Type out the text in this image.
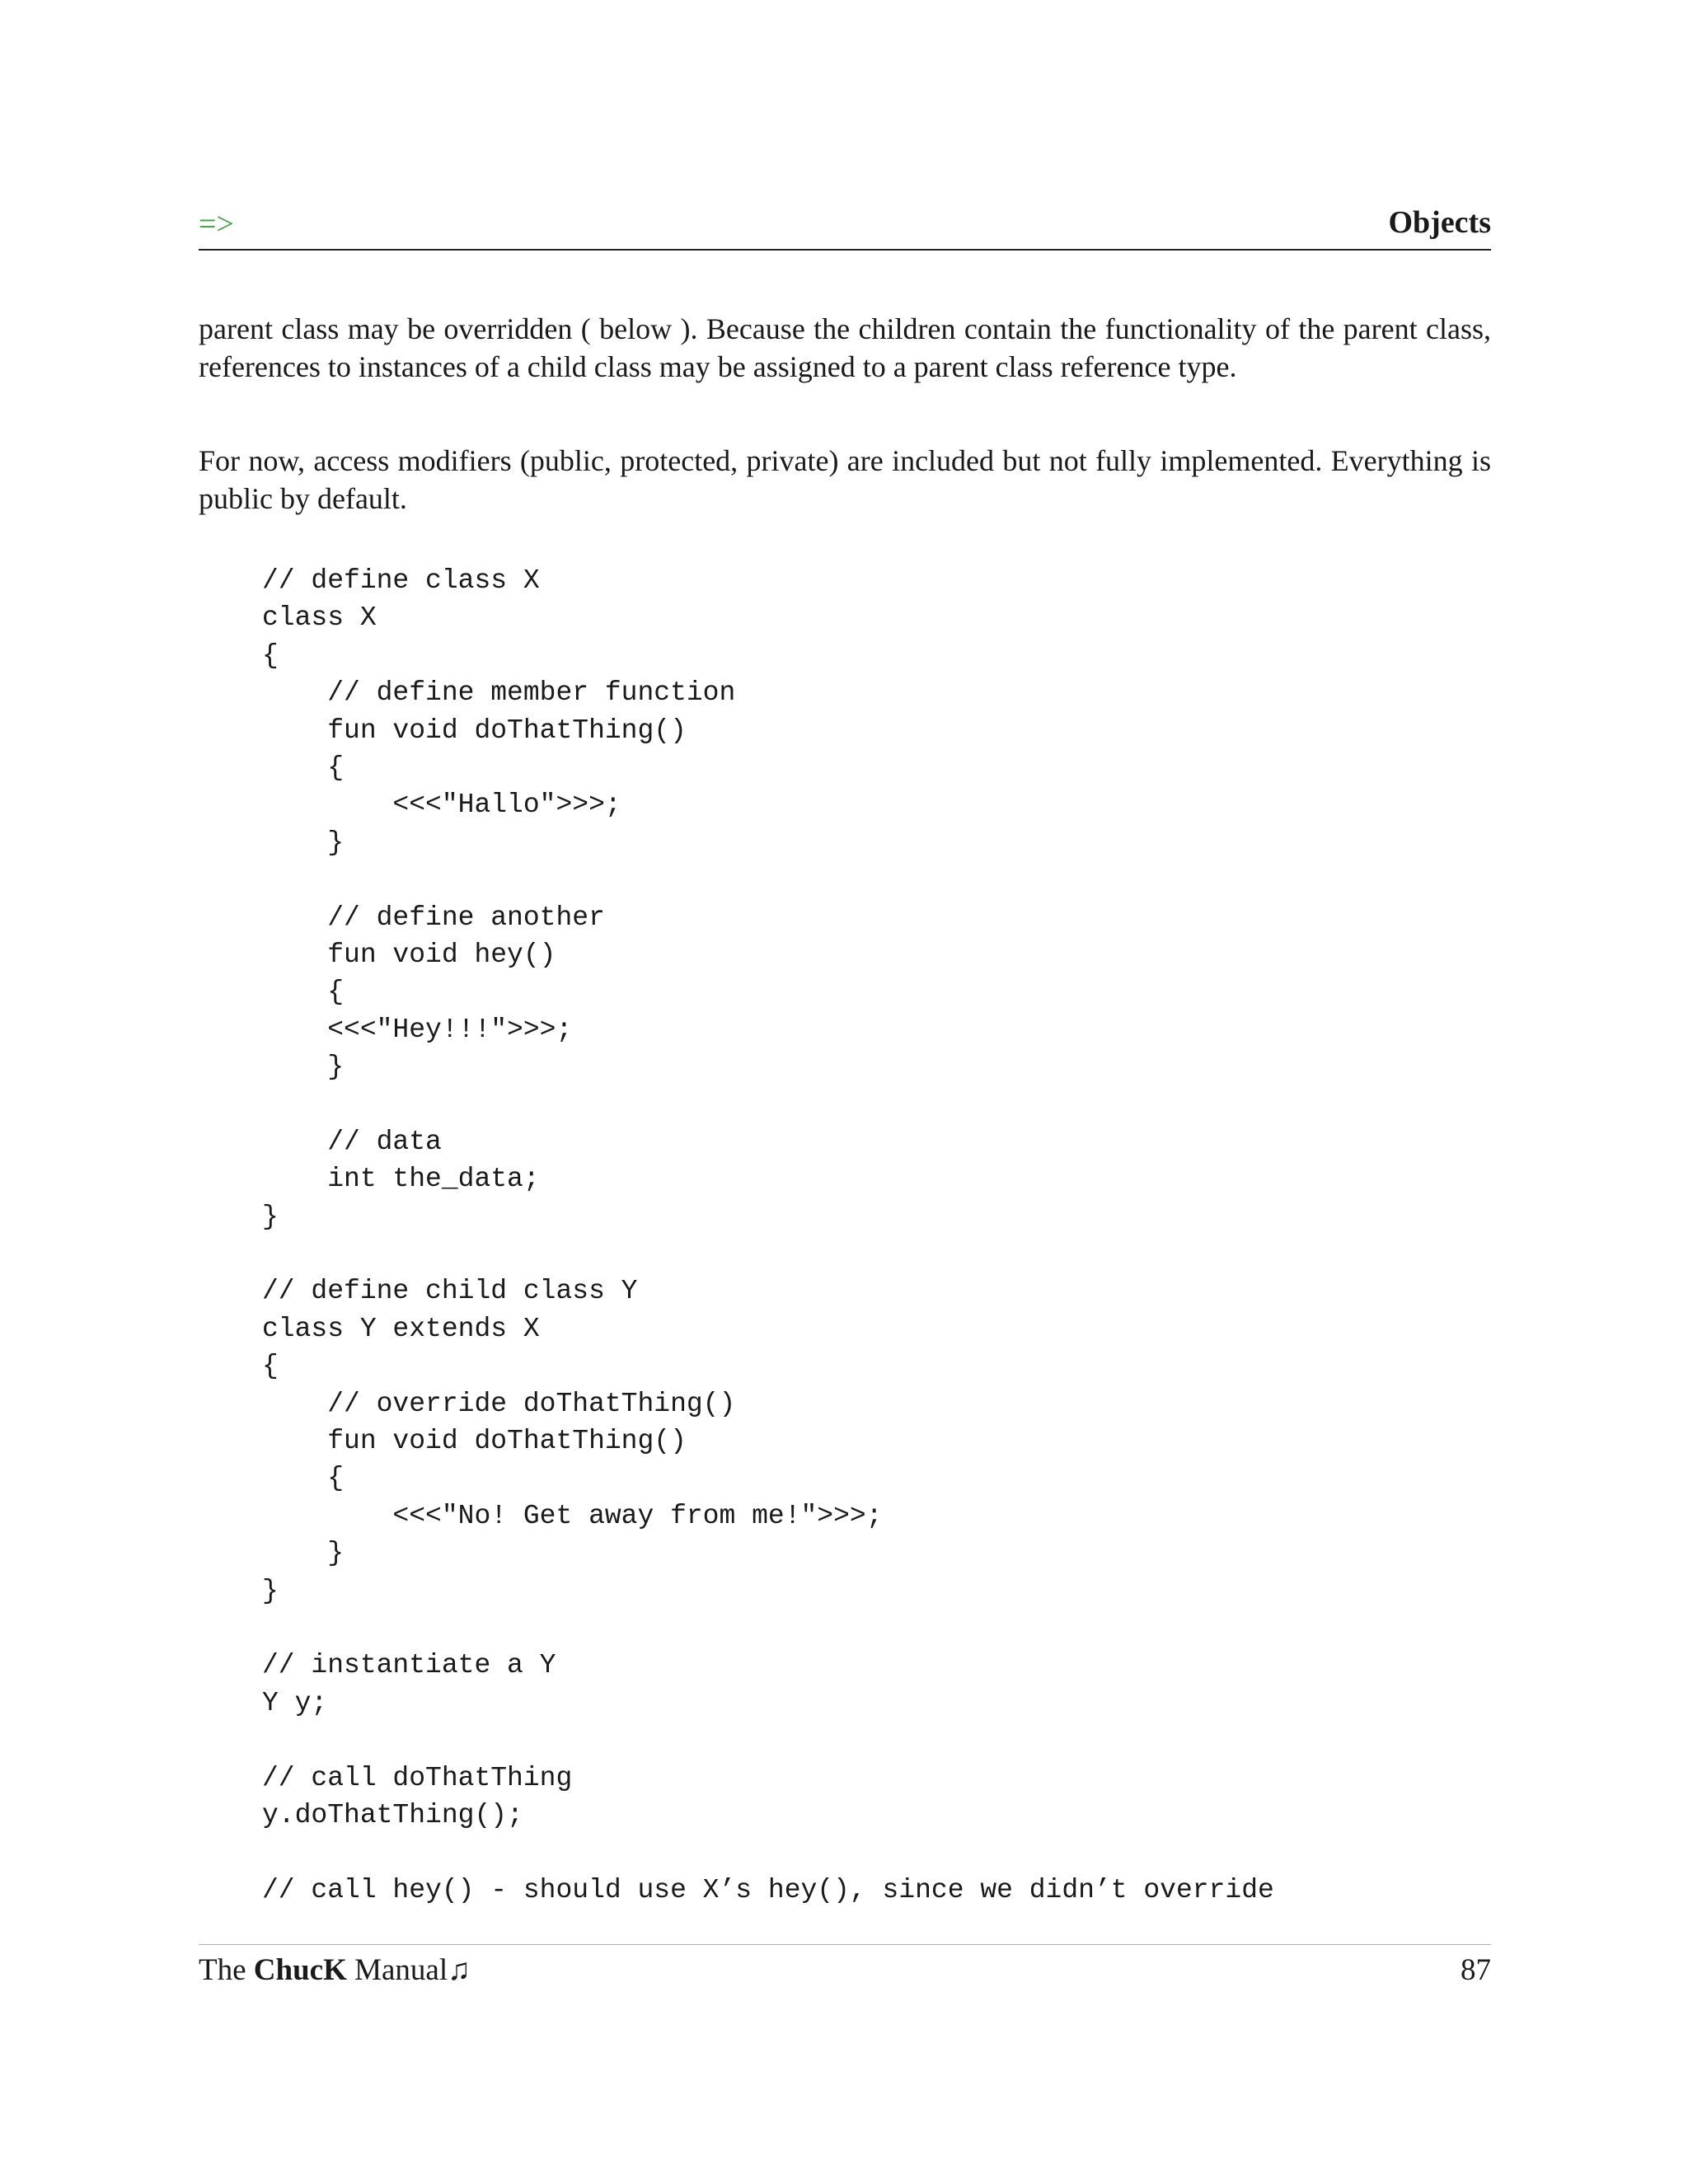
=>	Objects
parent class may be overridden ( below ). Because the children contain the functionality of the parent class, references to instances of a child class may be assigned to a parent class reference type.
For now, access modifiers (public, protected, private) are included but not fully implemented. Everything is public by default.
// define class X
class X
{
// define member function
fun void doThatThing()
{
<<<"Hallo">>>;
}
// define another
fun void hey()
{
<<<"Hey!!!">>>;
}
// data
int the_data;
}
// define child class Y
class Y extends X
{
// override doThatThing()
fun void doThatThing()
{
<<<"No! Get away from me!">>>;
}
}
// instantiate a Y
Y y;
// call doThatThing
y.doThatThing();
// call hey() - should use X’s hey(), since we didn’t override
The ChucK Manual♫	87
